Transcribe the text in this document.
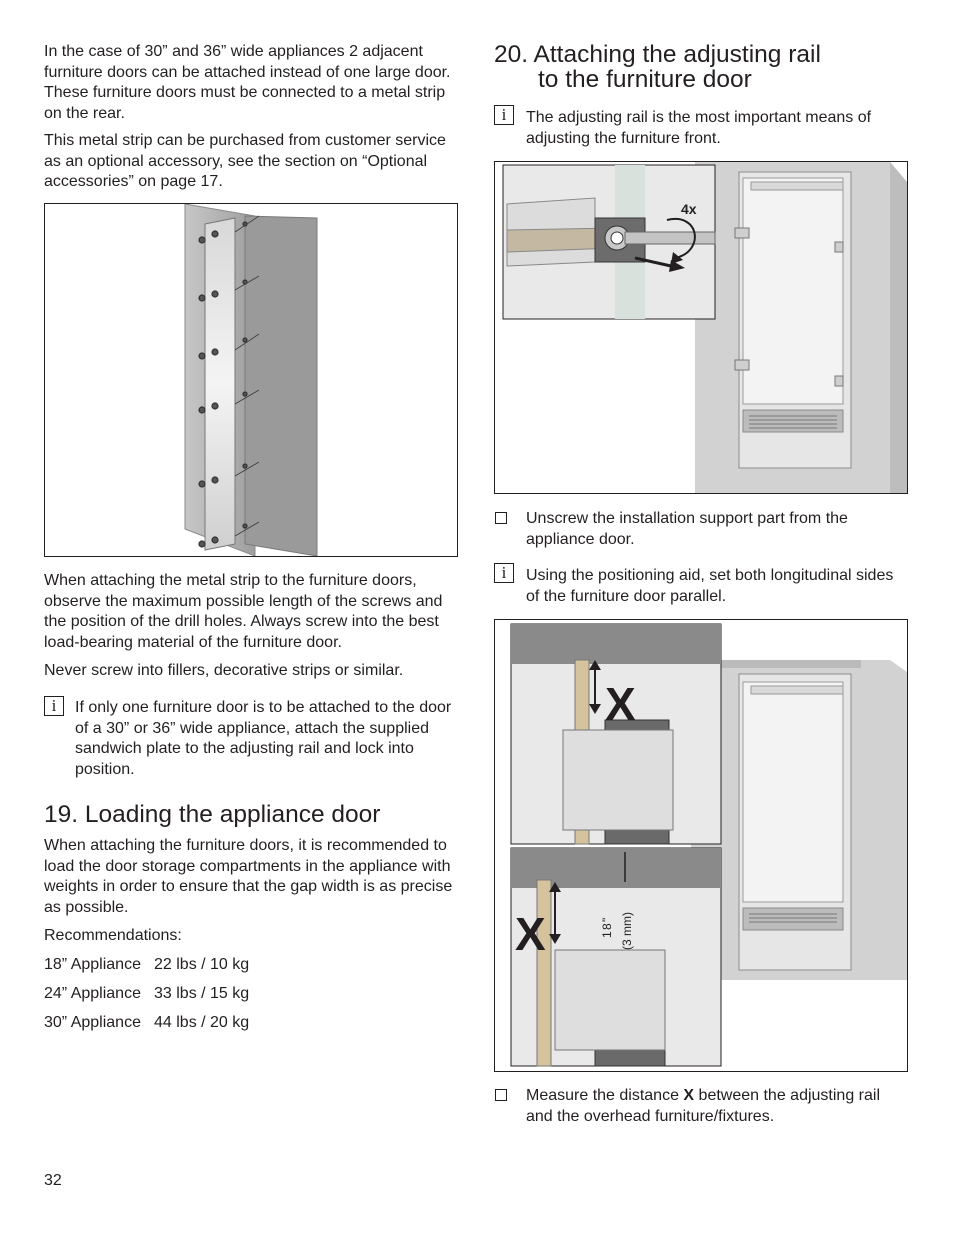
In the case of 30” and 36” wide appliances 2 adjacent furniture doors can be attached instead of one large door. These furniture doors must be connected to a metal strip on the rear.

This metal strip can be purchased from customer service as an optional accessory, see the section on “Optional accessories” on page 17.

When attaching the metal strip to the furniture doors, observe the maximum possible length of the screws and the position of the drill holes. Always screw into the best load-bearing material of the furniture door.

Never screw into fillers, decorative strips or similar.

i	If only one furniture door is to be attached to the door of a 30” or 36” wide appliance, attach the supplied sandwich plate to the adjusting rail and lock into position.

19. Loading the appliance door

When attaching the furniture doors, it is recommended to load the door storage compartments in the appliance with weights in order to ensure that the gap width is as precise as possible.

Recommendations:

18” Appliance 22 lbs / 10 kg
24” Appliance 33 lbs / 15 kg
30” Appliance 44 lbs / 20 kg
32
20. Attaching the adjusting rail
to the furniture door
i	The adjusting rail is the most important means of adjusting the furniture front.

4x

Unscrew the installation support part from the appliance door.

i	Using the positioning aid, set both longitudinal sides of the furniture door parallel.

X
X	1
8
" (3 mm)

Measure the distance X between the adjusting rail and the overhead furniture/fixtures.
